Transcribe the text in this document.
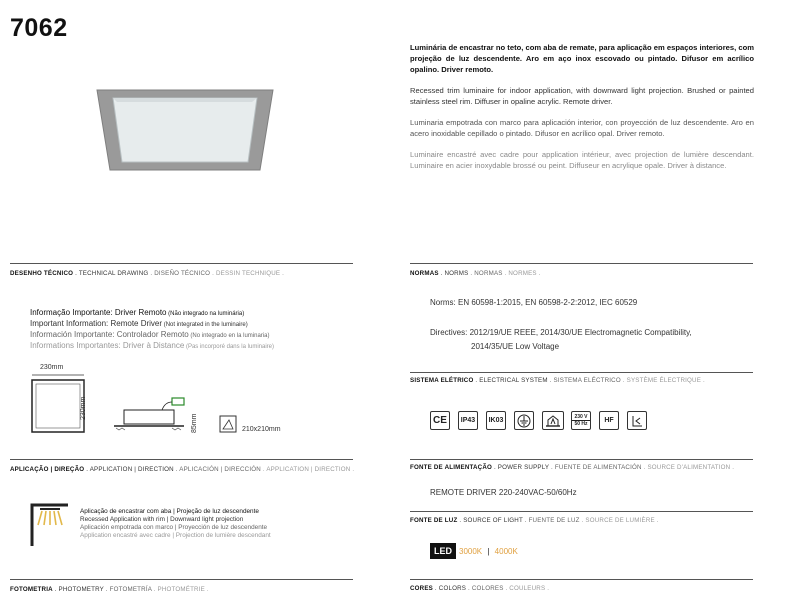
7062

Luminária de encastrar no teto, com aba de remate, para aplicação em espaços interiores, com projeção de luz descendente. Aro em aço inox escovado ou pintado. Difusor em acrílico opalino. Driver remoto.

Recessed trim luminaire for indoor application, with downward light projection. Brushed or painted stainless steel rim. Diffuser in opaline acrylic. Remote driver.

Luminaria empotrada con marco para aplicación interior, con proyección de luz descendente. Aro en acero inoxidable cepillado o pintado. Difusor en acrílico opal. Driver remoto.

Luminaire encastré avec cadre pour application intérieur, avec projection de lumière descendant. Luminaire en acier inoxydable brossé ou peint. Diffuseur en acrylique opale. Driver à distance.

DESENHO TÉCNICO . TECHNICAL DRAWING . DISEÑO TÉCNICO . DESSIN TECHNIQUE .
Informação Importante: Driver Remoto (Não integrado na luminária)
Important Information: Remote Driver (Not integrated in the luminaire)
Información Importante: Controlador Remoto (No integrado en la luminaria)
Informations Importantes: Driver à Distance (Pas incorporé dans la luminaire)
230mm
230mm
85mm	210x210mm
APLICAÇÃO | DIREÇÃO . APPLICATION | DIRECTION . APLICACIÓN | DIRECCIÓN . APPLICATION | DIRECTION .
Aplicação de encastrar com aba | Projeção de luz descendente
Recessed Application with rim | Downward light projection
Aplicación empotrada con marco | Proyección de luz descendente
Application encastré avec cadre | Projection de lumière descendant
FOTOMETRIA . PHOTOMETRY . FOTOMETRÍA . PHOTOMÉTRIE .
NORMAS . NORMS . NORMAS . NORMES .
Norms: EN 60598-1:2015, EN 60598-2-2:2012, IEC 60529
Directives: 2012/19/UE REEE, 2014/30/UE Electromagnetic Compatibility,
2014/35/UE Low Voltage
SISTEMA ELÉTRICO . ELECTRICAL SYSTEM . SISTEMA ELÉCTRICO . SYSTÈME ÉLECTRIQUE .
CE	IP43	IK03	230 V
50 Hz	HF
FONTE DE ALIMENTAÇÃO . POWER SUPPLY . FUENTE DE ALIMENTACIÓN . SOURCE D'ALIMENTATION .
REMOTE DRIVER 220-240VAC-50/60Hz
FONTE DE LUZ . SOURCE OF LIGHT . FUENTE DE LUZ . SOURCE DE LUMIÈRE .
LED 3000K | 4000K
CORES . COLORS . COLORES . COULEURS .
